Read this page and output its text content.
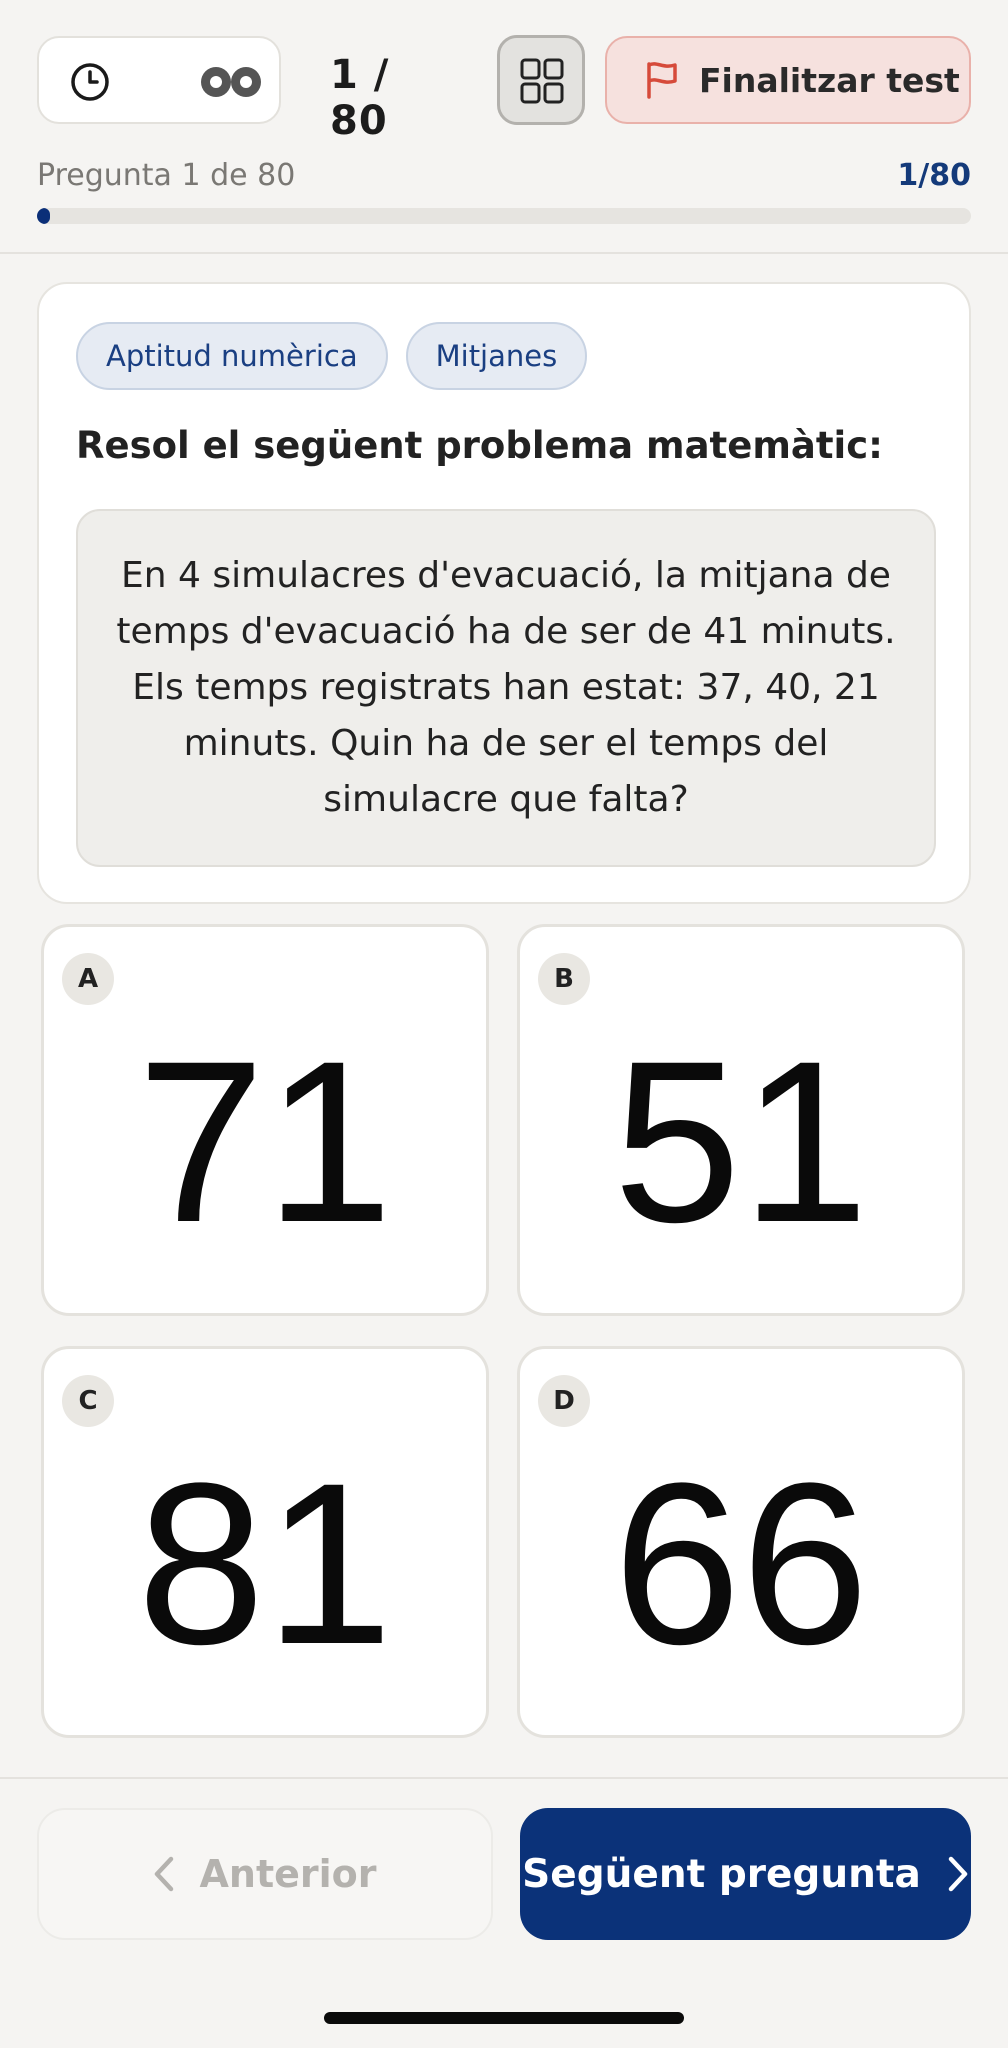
1 / 80
Finalitzar test
Pregunta 1 de 80	1/80
Aptitud numèrica	Mitjanes
Resol el següent problema matemàtic:

En 4 simulacres d'evacuació, la mitjana de temps d'evacuació ha de ser de 41 minuts. Els temps registrats han estat: 37, 40, 21 minuts. Quin ha de ser el temps del simulacre que falta?

A
71
B
51
C
81
D
66
Anterior	Següent pregunta
